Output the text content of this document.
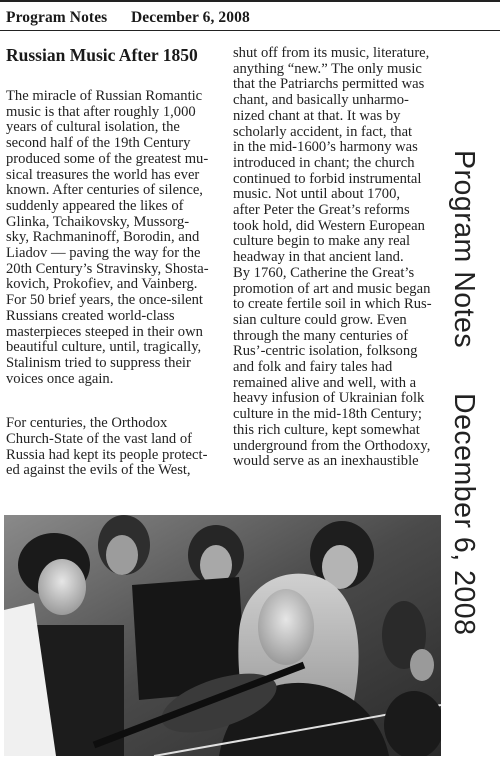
Program Notes December 6, 2008
Russian Music After 1850

The miracle of Russian Romantic

music is that after roughly 1,000

years of cultural isolation, the

second half of the 19th Century

produced some of the greatest mu-

sical treasures the world has ever

known. After centuries of silence,

suddenly appeared the likes of

Glinka, Tchaikovsky, Mussorg-

sky, Rachmaninoff, Borodin, and

Liadov — paving the way for the

20th Century’s Stravinsky, Shosta-

kovich, Prokofiev, and Vainberg.

For 50 brief years, the once-silent

Russians created world-class

masterpieces steeped in their own

beautiful culture, until, tragically,

Stalinism tried to suppress their

voices once again.

For centuries, the Orthodox

Church-State of the vast land of

Russia had kept its people protect-

ed against the evils of the West,

shut off from its music, literature,

anything “new.” The only music

that the Patriarchs permitted was

chant, and basically unharmo-

nized chant at that. It was by

scholarly accident, in fact, that

in the mid-1600’s harmony was

introduced in chant; the church

continued to forbid instrumental

music. Not until about 1700,

after Peter the Great’s reforms

took hold, did Western European

culture begin to make any real

headway in that ancient land.

By 1760, Catherine the Great’s

promotion of art and music began

to create fertile soil in which Rus-

sian culture could grow. Even

through the many centuries of

Rus’-centric isolation, folksong

and folk and fairy tales had

remained alive and well, with a

heavy infusion of Ukrainian folk

culture in the mid-18th Century;

this rich culture, kept somewhat

underground from the Orthodoxy,

would serve as an inexhaustible

Program Notes December 6, 2008
